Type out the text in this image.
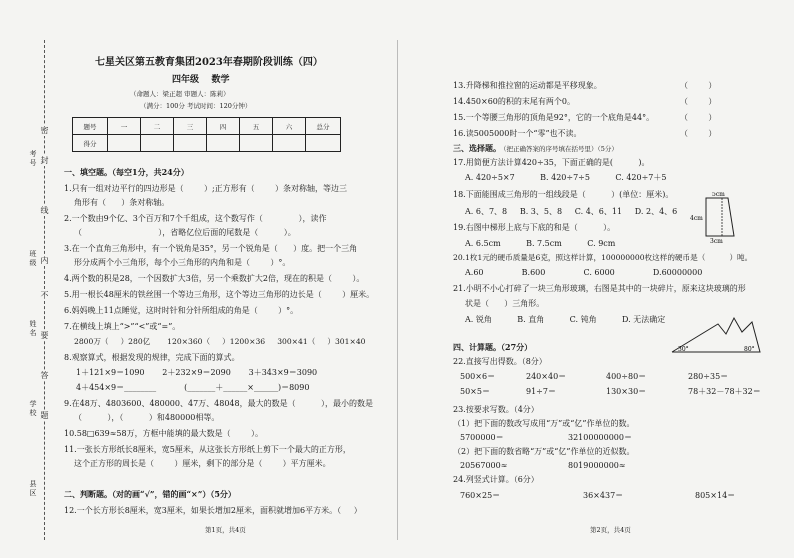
考号
班级
姓名
学校
县区
密
封
线
内
不
要
答
题
七星关区第五教育集团2023年春期阶段训练（四）
四年级    数学
（命题人：梁正超 审题人：陈莉）
（满分：100分 考试时间：120分钟）
题号	一	二	三	四	五	六	总分
得分							
一、填空题。（每空1分，共24分）
1.只有一组对边平行的四边形是（        ）;正方形有（        ）条对称轴，等边三
角形有（      ）条对称轴。
2.一个数由9个亿、3个百万和7个千组成，这个数写作（              ），读作
（                              ），省略亿位后面的尾数是（          ）。
3.在一个直角三角形中，有一个锐角是35°，另一个锐角是（      ）度。把一个三角
形分成两个小三角形，每个小三角形的内角和是（        ）°。
4.两个数的积是28，一个因数扩大3倍，另一个乘数扩大2倍，现在的积是（        ）。
5.用一根长48厘米的铁丝围一个等边三角形，这个等边三角形的边长是（        ）厘米。
6.妈妈晚上11点睡觉，这时时针和分针所组成的角是（        ）°。
7.在横线上填上“>”“<”或“=”。
2800万（     ）280亿       120×360（     ）1200×36     300×41（     ）301×40
8.观察算式，根据发现的规律，完成下面的算式。
1＋121×9＝1090       2＋232×9＝2090       3＋343×9＝3090
4＋454×9＝________           (_______＋______×______)＝8090
9.在48万、4803600、480000、47万、48048，最大的数是（          ），最小的数是
（          ），（          ）和480000相等。
10.58□639≈58万，方框中能填的最大数是（        ）。
11.一张长方形纸长8厘米，宽5厘米，从这张长方形纸上剪下一个最大的正方形，
这个正方形的周长是（        ）厘米，剩下的部分是（        ）平方厘米。
二、判断题。（对的画“√”，错的画“×”）（5分）
12.一个长方形长8厘米，宽3厘米，如果长增加2厘米，面积就增加6平方米。（     ）
第1页，共4页
13.升降梯和推拉窗的运动都是平移现象。	（        ）
14.450×60的积的末尾有两个0。	（        ）
15.一个等腰三角形的顶角是92°，它的一个底角是44°。	（        ）
16.读5005000时一个“零”也不读。	（        ）
三、选择题。 （把正确答案的序号填在括号里）（5分）
17.用简便方法计算420÷35，下面正确的是(          )。
A. 420÷5×7          B. 420÷7÷5          C. 420÷7＋5
18.下面能围成三角形的一组线段是（          ）(单位：厘米)。
A. 6、7、8     B. 3、5、8     C. 4、6、11     D. 2、4、6
19.右图中梯形上底与下底的和是（          ）。
A. 6.5cm          B. 7.5cm          C. 9cm
5cm
4cm
3cm
20.1枚1元的硬币质量是6克，照这样计算，100000000枚这样的硬币是（          ）吨。
A.60               B.600               C. 6000               D.60000000
21.小明不小心打碎了一块三角形玻璃，右图是其中的一块碎片，原来这块玻璃的形
状是（      ）三角形。
A. 锐角          B. 直角          C. 钝角          D. 无法确定
30°	80°
四、计算题。（27分）
22.直接写出得数。（8分）
500×6＝	240×40＝	400÷80＝	280÷35＝
50×5＝	91÷7＝	130×30＝	78＋32－78＋32＝
23.按要求写数。（4分）
（1）把下面的数改写成用“万”或“亿”作单位的数。
5700000＝	32100000000＝
（2）把下面的数省略“万”或“亿”作单位的近似数。
20567000≈	8019000000≈
24.列竖式计算。（6分）
760×25＝	36×437＝	805×14＝
第2页，共4页
